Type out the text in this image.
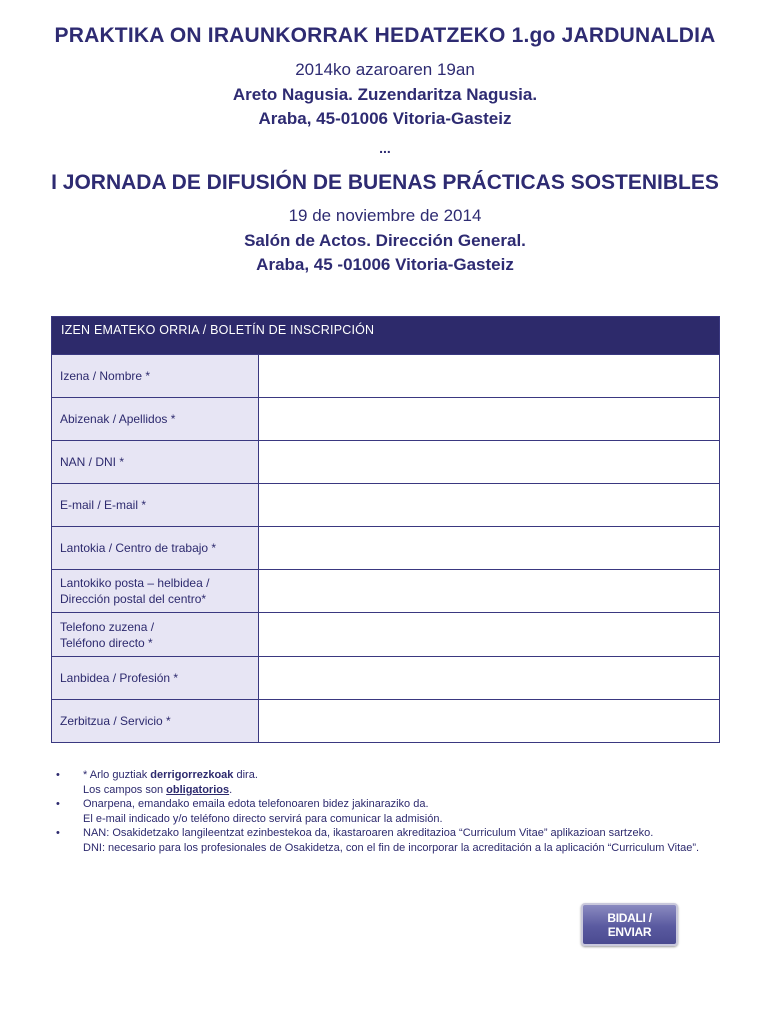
PRAKTIKA ON IRAUNKORRAK HEDATZEKO 1.go JARDUNALDIA
2014ko azaroaren 19an
Areto Nagusia. Zuzendaritza Nagusia.
Araba, 45-01006 Vitoria-Gasteiz
...
I JORNADA DE DIFUSIÓN DE BUENAS PRÁCTICAS SOSTENIBLES
19 de noviembre de 2014
Salón de Actos. Dirección General.
Araba, 45 -01006 Vitoria-Gasteiz
IZEN EMATEKO ORRIA / BOLETÍN DE INSCRIPCIÓN
Izena / Nombre *
Abizenak / Apellidos *
NAN / DNI *
E-mail / E-mail *
Lantokia / Centro de trabajo *
Lantokiko posta – helbidea /
Dirección postal del centro*
Telefono zuzena /
Teléfono directo *
Lanbidea / Profesión *
Zerbitzua / Servicio *
• * Arlo guztiak derrigorrezkoak dira.
Los campos son obligatorios.
• Onarpena, emandako emaila edota telefonoaren bidez jakinaraziko da.
El e-mail indicado y/o teléfono directo servirá para comunicar la admisión.
• NAN: Osakidetzako langileentzat ezinbestekoa da, ikastaroaren akreditazioa “Curriculum Vitae” aplikazioan sartzeko.
DNI: necesario para los profesionales de Osakidetza, con el fin de incorporar la acreditación a la aplicación “Curriculum Vitae”.
BIDALI / ENVIAR
